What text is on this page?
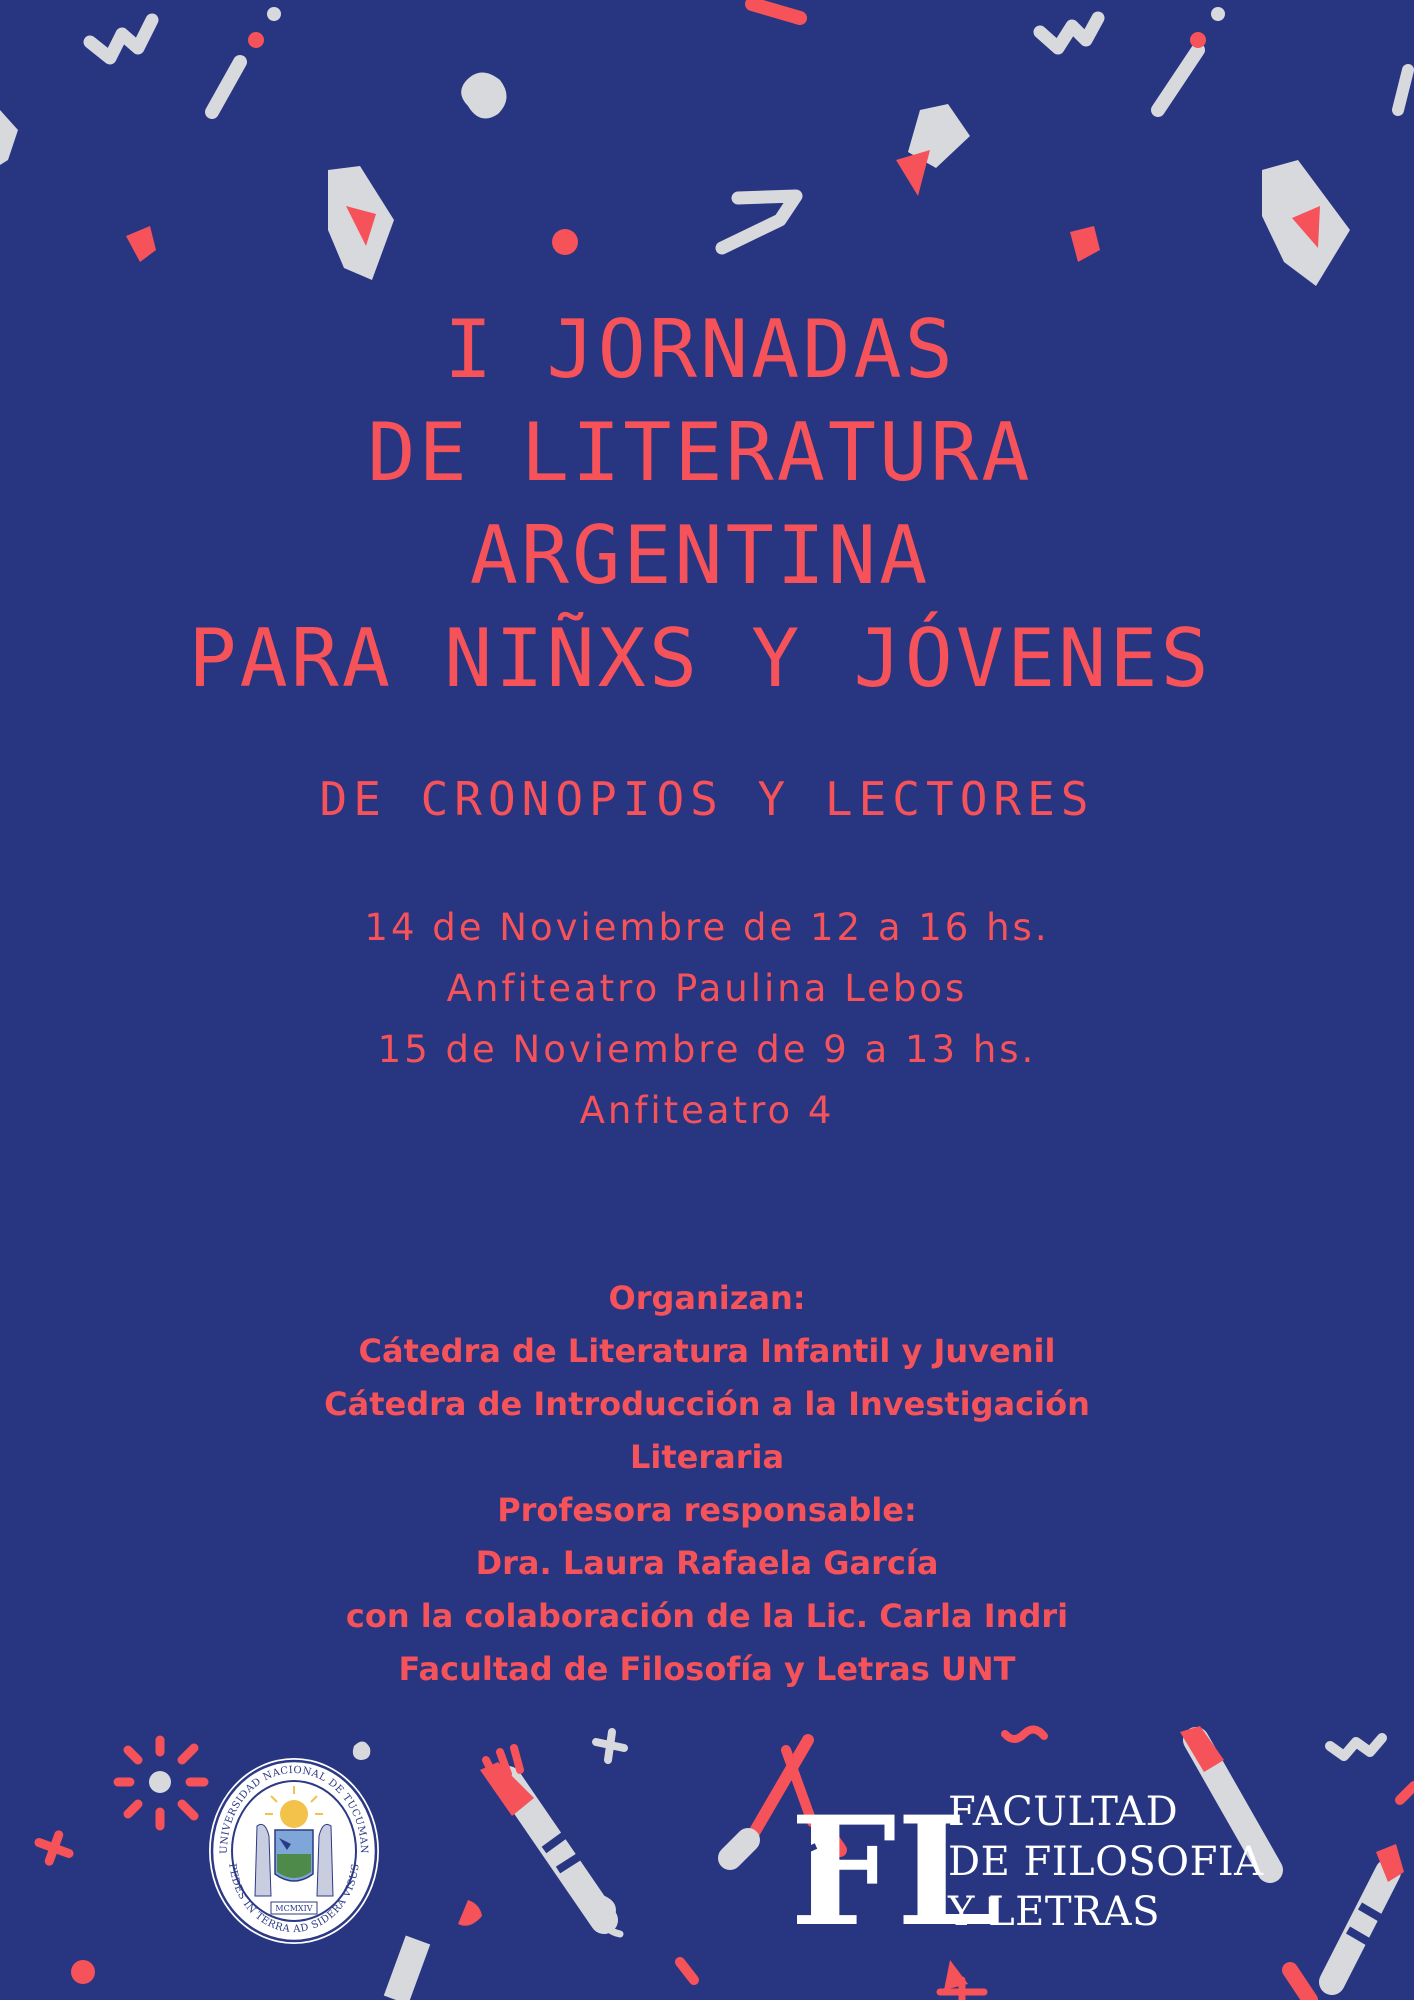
I JORNADAS
DE LITERATURA
ARGENTINA
PARA NIÑXS Y JÓVENES
DE CRONOPIOS Y LECTORES
14 de Noviembre de 12 a 16 hs.
Anfiteatro Paulina Lebos
15 de Noviembre de 9 a 13 hs.
Anfiteatro 4
Organizan:
Cátedra de Literatura Infantil y Juvenil
Cátedra de Introducción a la Investigación
Literaria
Profesora responsable:
Dra. Laura Rafaela García
con la colaboración de la Lic. Carla Indri
Facultad de Filosofía y Letras UNT
UNIVERSIDAD NACIONAL DE TUCUMAN
PEDES IN TERRA AD SIDERA VISUS
MCMXIV	FL
FACULTAD
DE FILOSOFIA
Y LETRAS
